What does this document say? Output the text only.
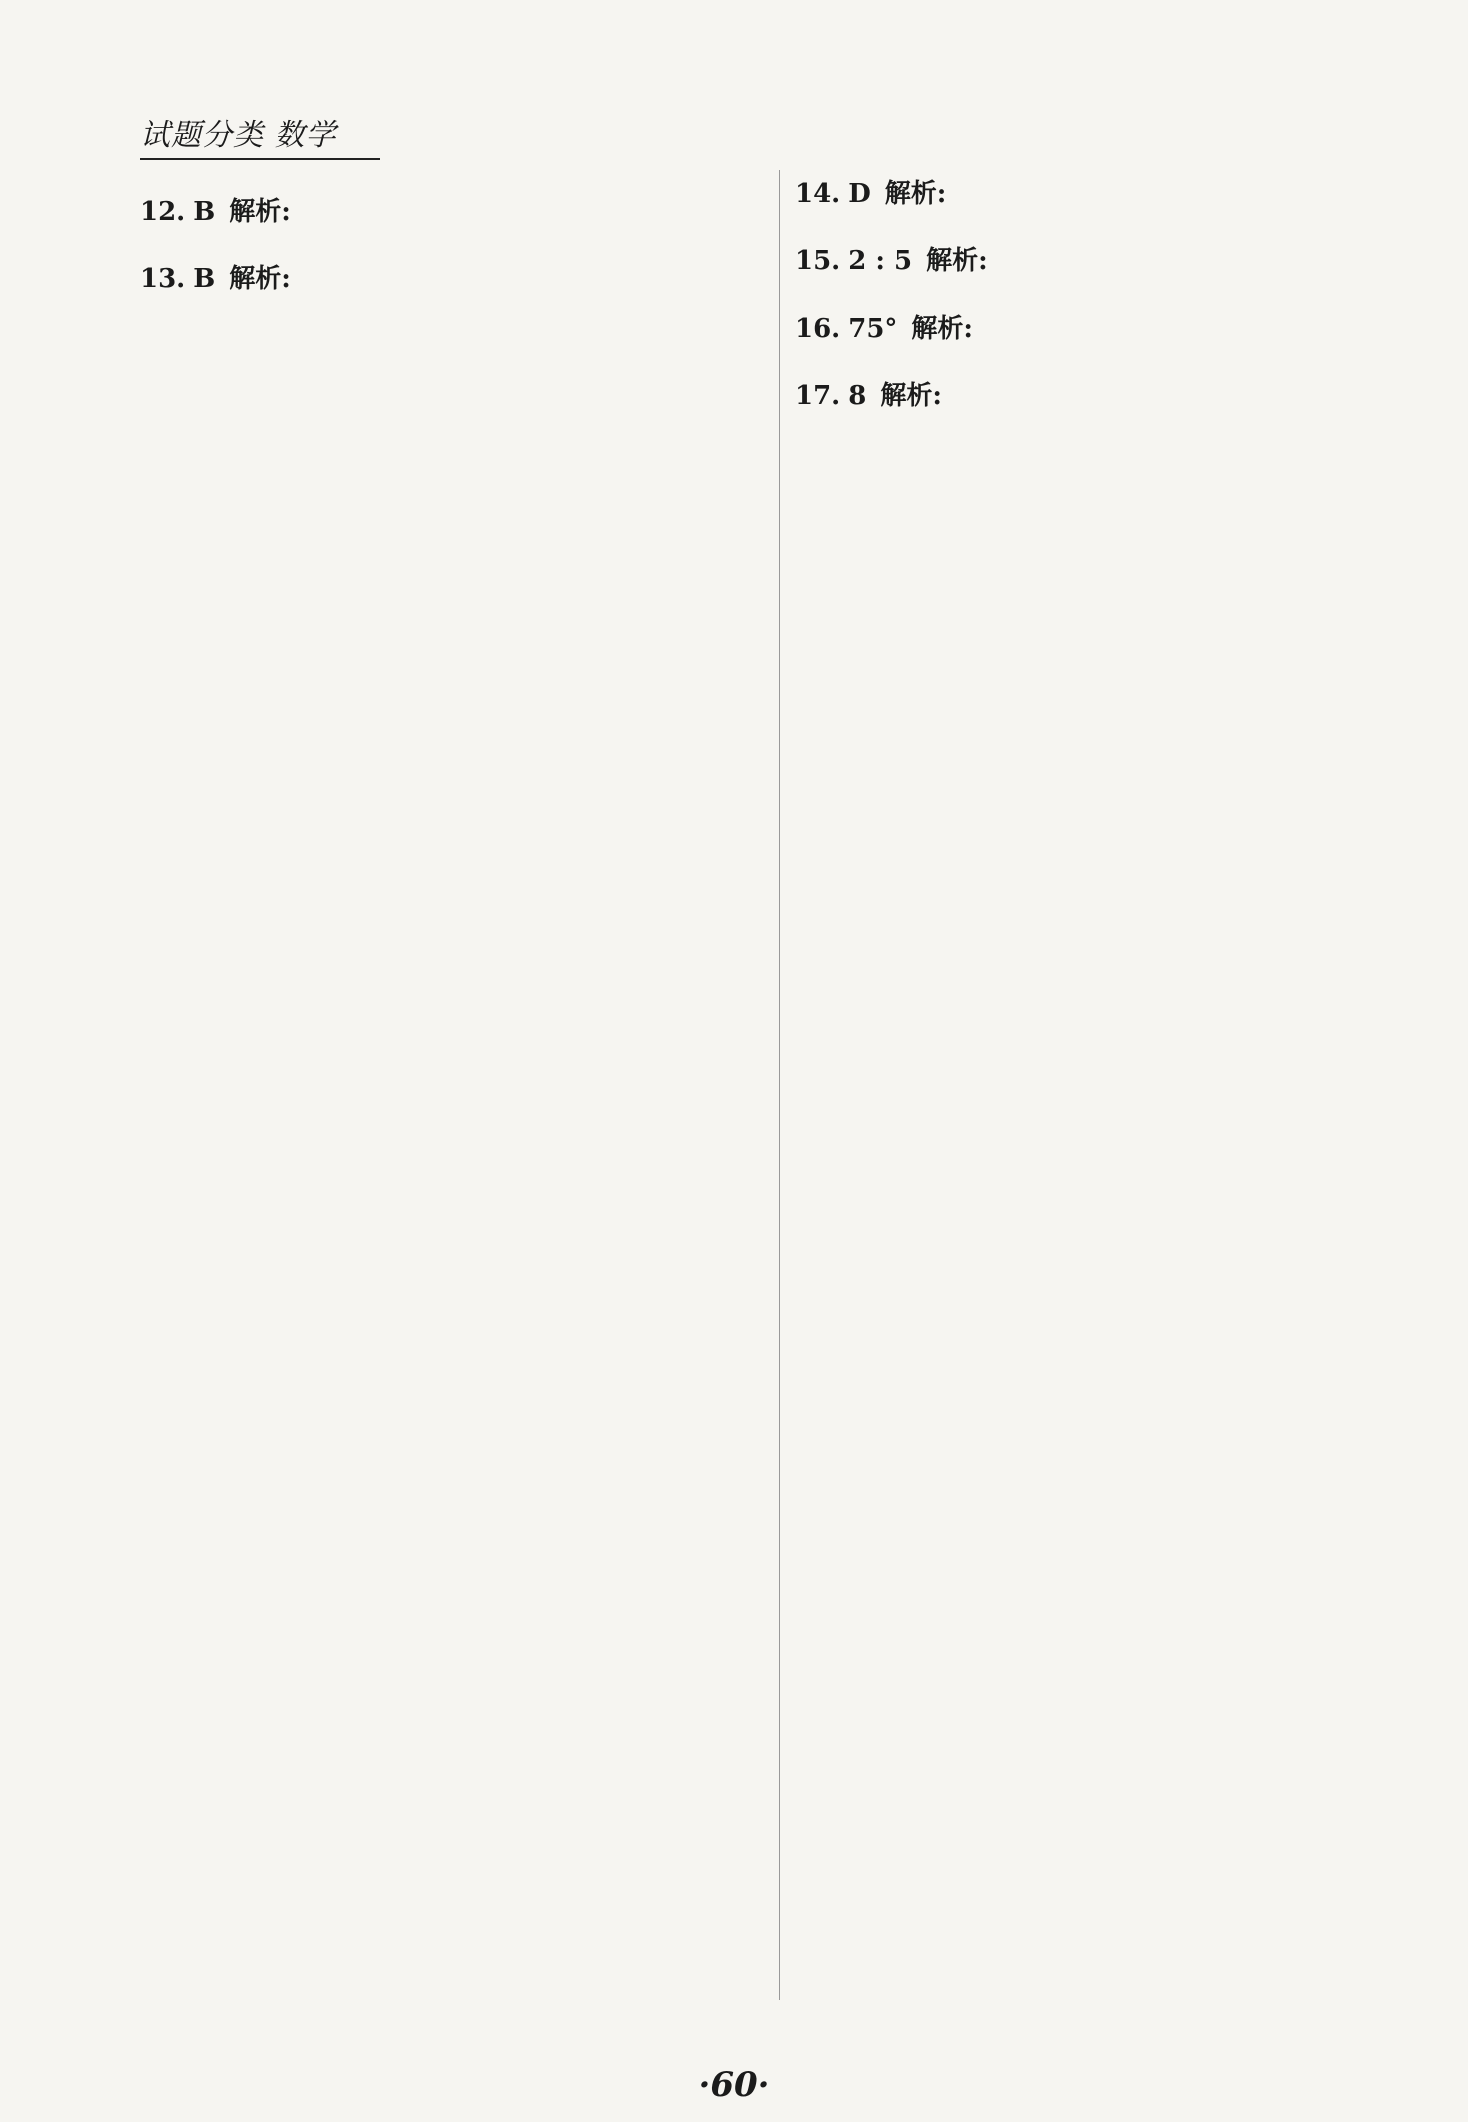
试题分类 数学
12. B 解析:
13. B 解析:
14. D 解析:
15. 2 : 5 解析:
16. 75° 解析:
17. 8 解析:
·60·
